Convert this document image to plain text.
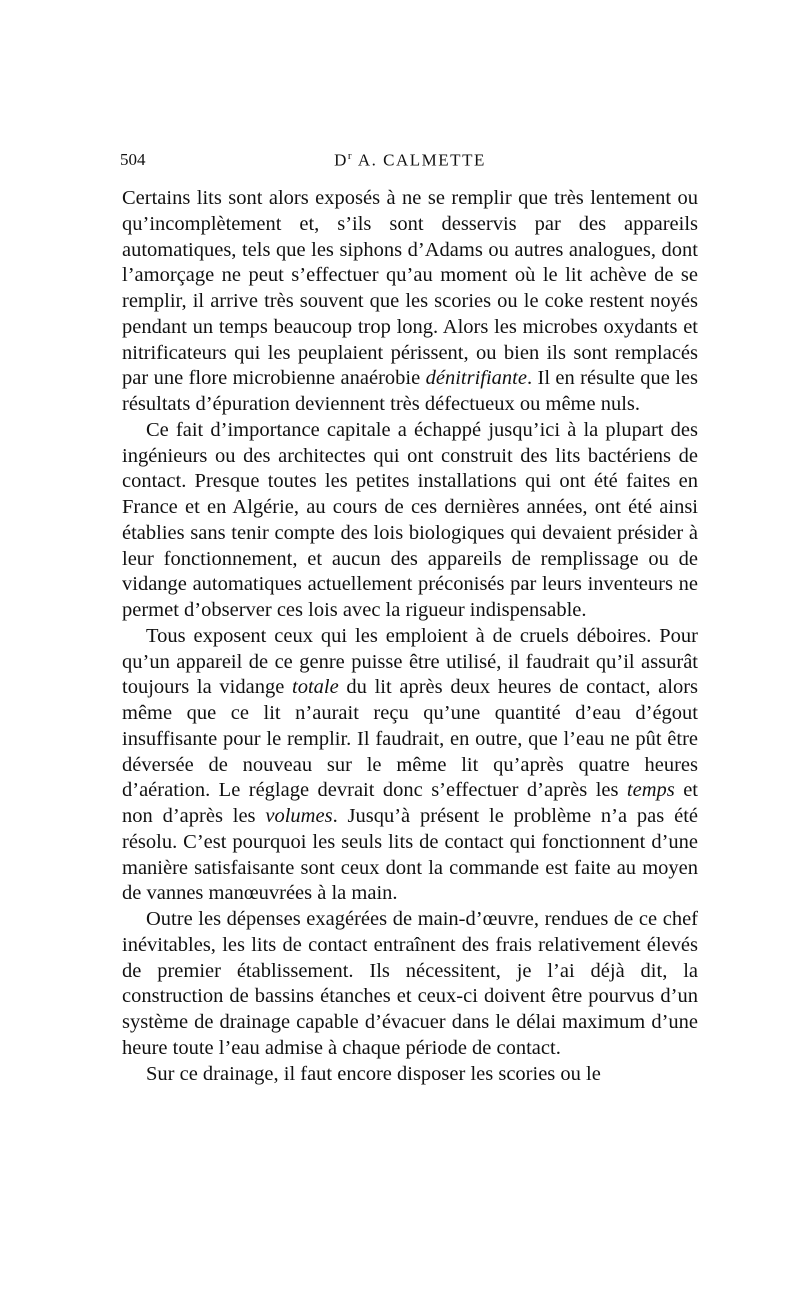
504	$D^r$ A. CALMETTE

Certains lits sont alors exposés à ne se remplir que très lentement ou qu’incomplètement et, s’ils sont desservis par des appareils automatiques, tels que les siphons d’Adams ou autres analogues, dont l’amorçage ne peut s’effectuer qu’au moment où le lit achève de se remplir, il arrive très souvent que les scories ou le coke restent noyés pendant un temps beaucoup trop long. Alors les microbes oxydants et nitrificateurs qui les peuplaient périssent, ou bien ils sont remplacés par une flore microbienne anaérobie dénitrifiante. Il en résulte que les résultats d’épuration deviennent très défectueux ou même nuls.

Ce fait d’importance capitale a échappé jusqu’ici à la plupart des ingénieurs ou des architectes qui ont construit des lits bactériens de contact. Presque toutes les petites installations qui ont été faites en France et en Algérie, au cours de ces dernières années, ont été ainsi établies sans tenir compte des lois biologiques qui devaient présider à leur fonctionnement, et aucun des appareils de remplissage ou de vidange automatiques actuellement préconisés par leurs inventeurs ne permet d’observer ces lois avec la rigueur indispensable.

Tous exposent ceux qui les emploient à de cruels déboires. Pour qu’un appareil de ce genre puisse être utilisé, il faudrait qu’il assurât toujours la vidange totale du lit après deux heures de contact, alors même que ce lit n’aurait reçu qu’une quantité d’eau d’égout insuffisante pour le remplir. Il faudrait, en outre, que l’eau ne pût être déversée de nouveau sur le même lit qu’après quatre heures d’aération. Le réglage devrait donc s’effectuer d’après les temps et non d’après les volumes. Jusqu’à présent le problème n’a pas été résolu. C’est pourquoi les seuls lits de contact qui fonctionnent d’une manière satisfaisante sont ceux dont la commande est faite au moyen de vannes manœuvrées à la main.

Outre les dépenses exagérées de main-d’œuvre, rendues de ce chef inévitables, les lits de contact entraînent des frais relativement élevés de premier établissement. Ils nécessitent, je l’ai déjà dit, la construction de bassins étanches et ceux-ci doivent être pourvus d’un système de drainage capable d’évacuer dans le délai maximum d’une heure toute l’eau admise à chaque période de contact.

Sur ce drainage, il faut encore disposer les scories ou le
